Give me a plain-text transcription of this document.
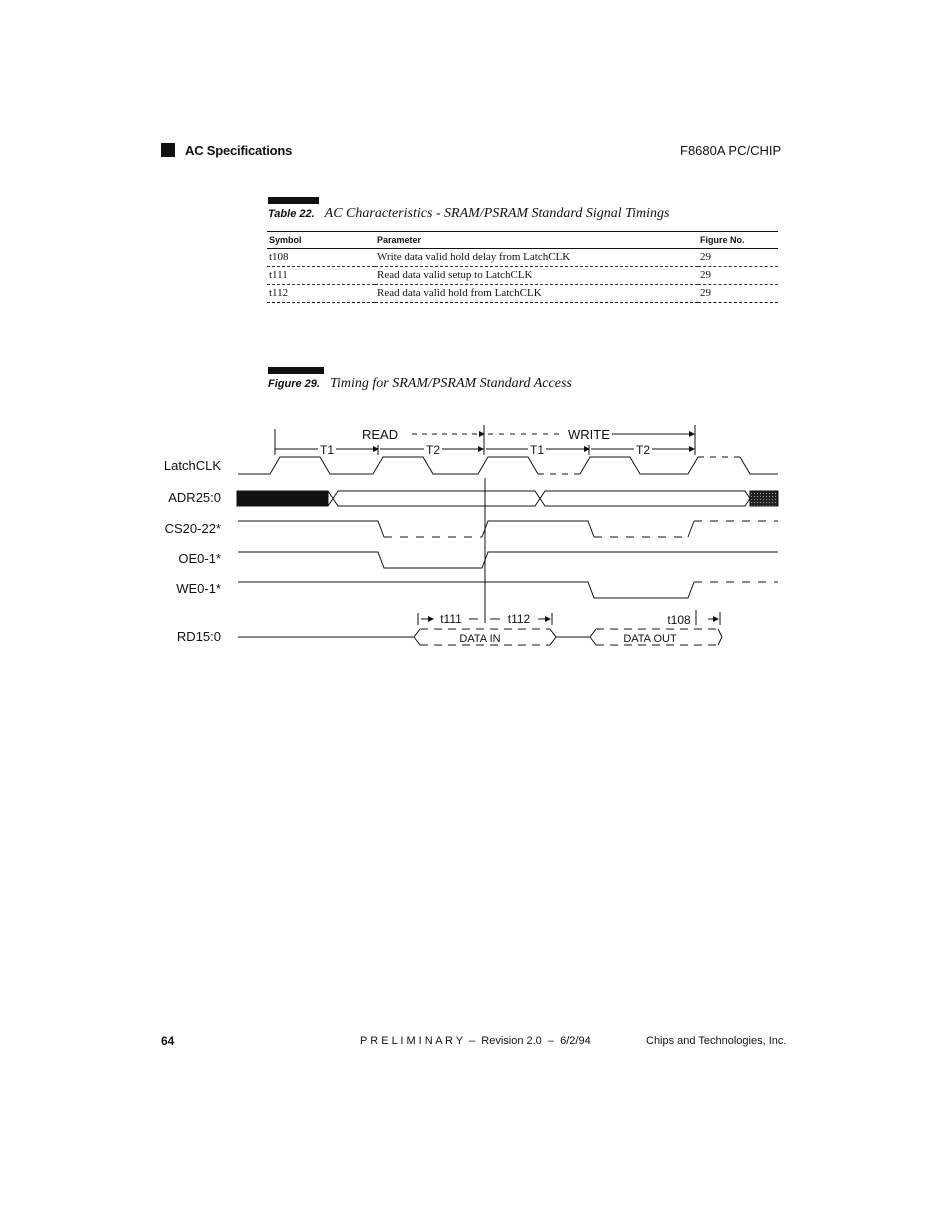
AC Specifications	F8680A PC/CHIP
Table 22. AC Characteristics - SRAM/PSRAM Standard Signal Timings
Symbol	Parameter	Figure No.
t108	Write data valid hold delay from LatchCLK	29
t111	Read data valid setup to LatchCLK	29
t112	Read data valid hold from LatchCLK	29
Figure 29. Timing for SRAM/PSRAM Standard Access
LatchCLK
ADR25:0
CS20-22*
OE0-1*
WE0-1*
RD15:0
READ	WRITE
T1	T2	T1	T2
t111	t112	t108
DATA IN	DATA OUT
64	P R E L I M I N A R Y  –  Revision 2.0  –  6/2/94	Chips and Technologies, Inc.
